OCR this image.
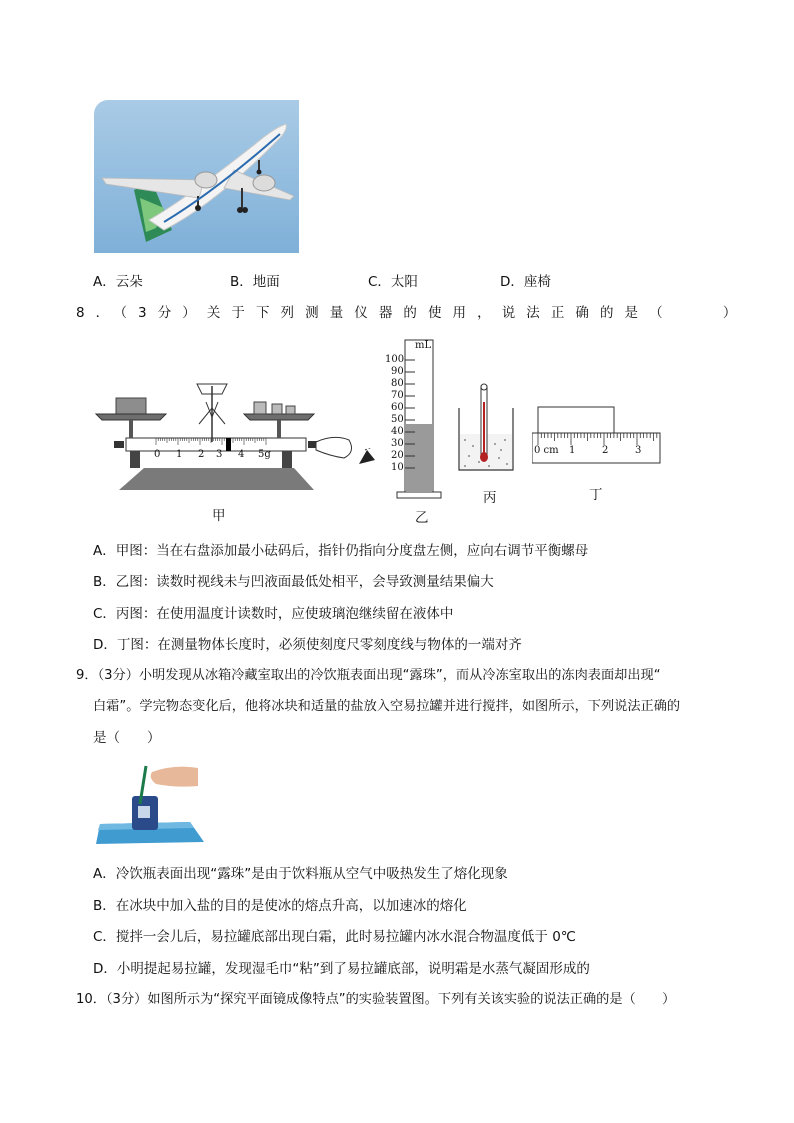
A．云朵	B．地面	C．太阳	D．座椅
8．（3分）关于下列测量仪器的使用，说法正确的是（　　）
0 1 2 3 4 5g
mL
100
90
80
70
60
50
40
30
20
10
0 cm 1	2	3
甲	乙
丙	丁
A．甲图：当在右盘添加最小砝码后，指针仍指向分度盘左侧，应向右调节平衡螺母
B．乙图：读数时视线未与凹液面最低处相平，会导致测量结果偏大
C．丙图：在使用温度计读数时，应使玻璃泡继续留在液体中
D．丁图：在测量物体长度时，必须使刻度尺零刻度线与物体的一端对齐
9．（3分）小明发现从冰箱冷藏室取出的冷饮瓶表面出现“露珠”，而从冷冻室取出的冻肉表面却出现“
白霜”。学完物态变化后，他将冰块和适量的盐放入空易拉罐并进行搅拌，如图所示，下列说法正确的
是（　　）
A．冷饮瓶表面出现“露珠”是由于饮料瓶从空气中吸热发生了熔化现象
B．在冰块中加入盐的目的是使冰的熔点升高，以加速冰的熔化
C．搅拌一会儿后，易拉罐底部出现白霜，此时易拉罐内冰水混合物温度低于 0℃
D．小明提起易拉罐，发现湿毛巾“粘”到了易拉罐底部，说明霜是水蒸气凝固形成的
10．（3分）如图所示为“探究平面镜成像特点”的实验装置图。下列有关该实验的说法正确的是（　　）
